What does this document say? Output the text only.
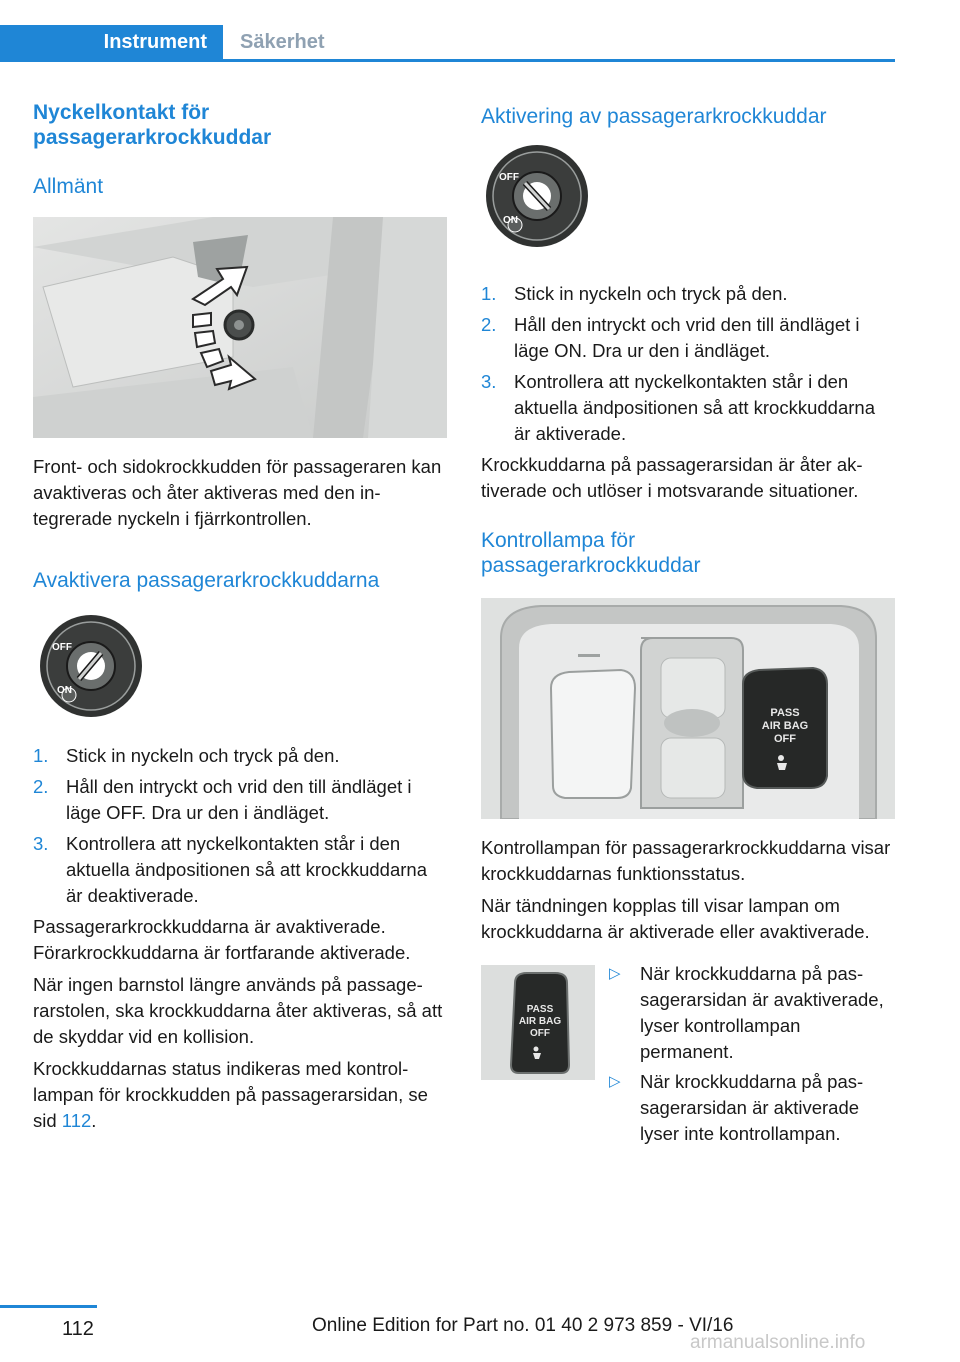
Instrument	Säkerhet
Nyckelkontakt för passagerarkrockkuddar
Allmänt

Front- och sidokrockkudden för passageraren kan avaktiveras och åter aktiveras med den integrerade nyckeln i fjärrkontrollen.

Avaktivera passagerarkrockkuddarna
OFF
ON
1. Stick in nyckeln och tryck på den.
2. Håll den intryckt och vrid den till ändläget i läge OFF. Dra ur den i ändläget.
3. Kontrollera att nyckelkontakten står i den aktuella ändpositionen så att krockkuddarna är deaktiverade.

Passagerarkrockkuddarna är avaktiverade. Förarkrockkuddarna är fortfarande aktiverade.

När ingen barnstol längre används på passagerarstolen, ska krockkuddarna åter aktiveras, så att de skyddar vid en kollision.

Krockkuddarnas status indikeras med kontrollampan för krockkudden på passagerarsidan, se sid 112.

Aktivering av passagerarkrockkuddar
OFF
ON
1. Stick in nyckeln och tryck på den.
2. Håll den intryckt och vrid den till ändläget i läge ON. Dra ur den i ändläget.
3. Kontrollera att nyckelkontakten står i den aktuella ändpositionen så att krockkuddarna är aktiverade.

Krockkuddarna på passagerarsidan är åter aktiverade och utlöser i motsvarande situationer.

Kontrollampa för passagerarkrockkuddar
PASS
AIR BAG
OFF

Kontrollampan för passagerarkrockkuddarna visar krockkuddarnas funktionsstatus.

När tändningen kopplas till visar lampan om krockkuddarna är aktiverade eller avaktiverade.

PASS
AIR BAG
OFF
▷ När krockkuddarna på passagerarsidan är avaktiverade, lyser kontrollampan permanent.
▷ När krockkuddarna på passagerarsidan är aktiverade lyser inte kontrollampan.
112	Online Edition for Part no. 01 40 2 973 859 - VI/16
armanualsonline.info
